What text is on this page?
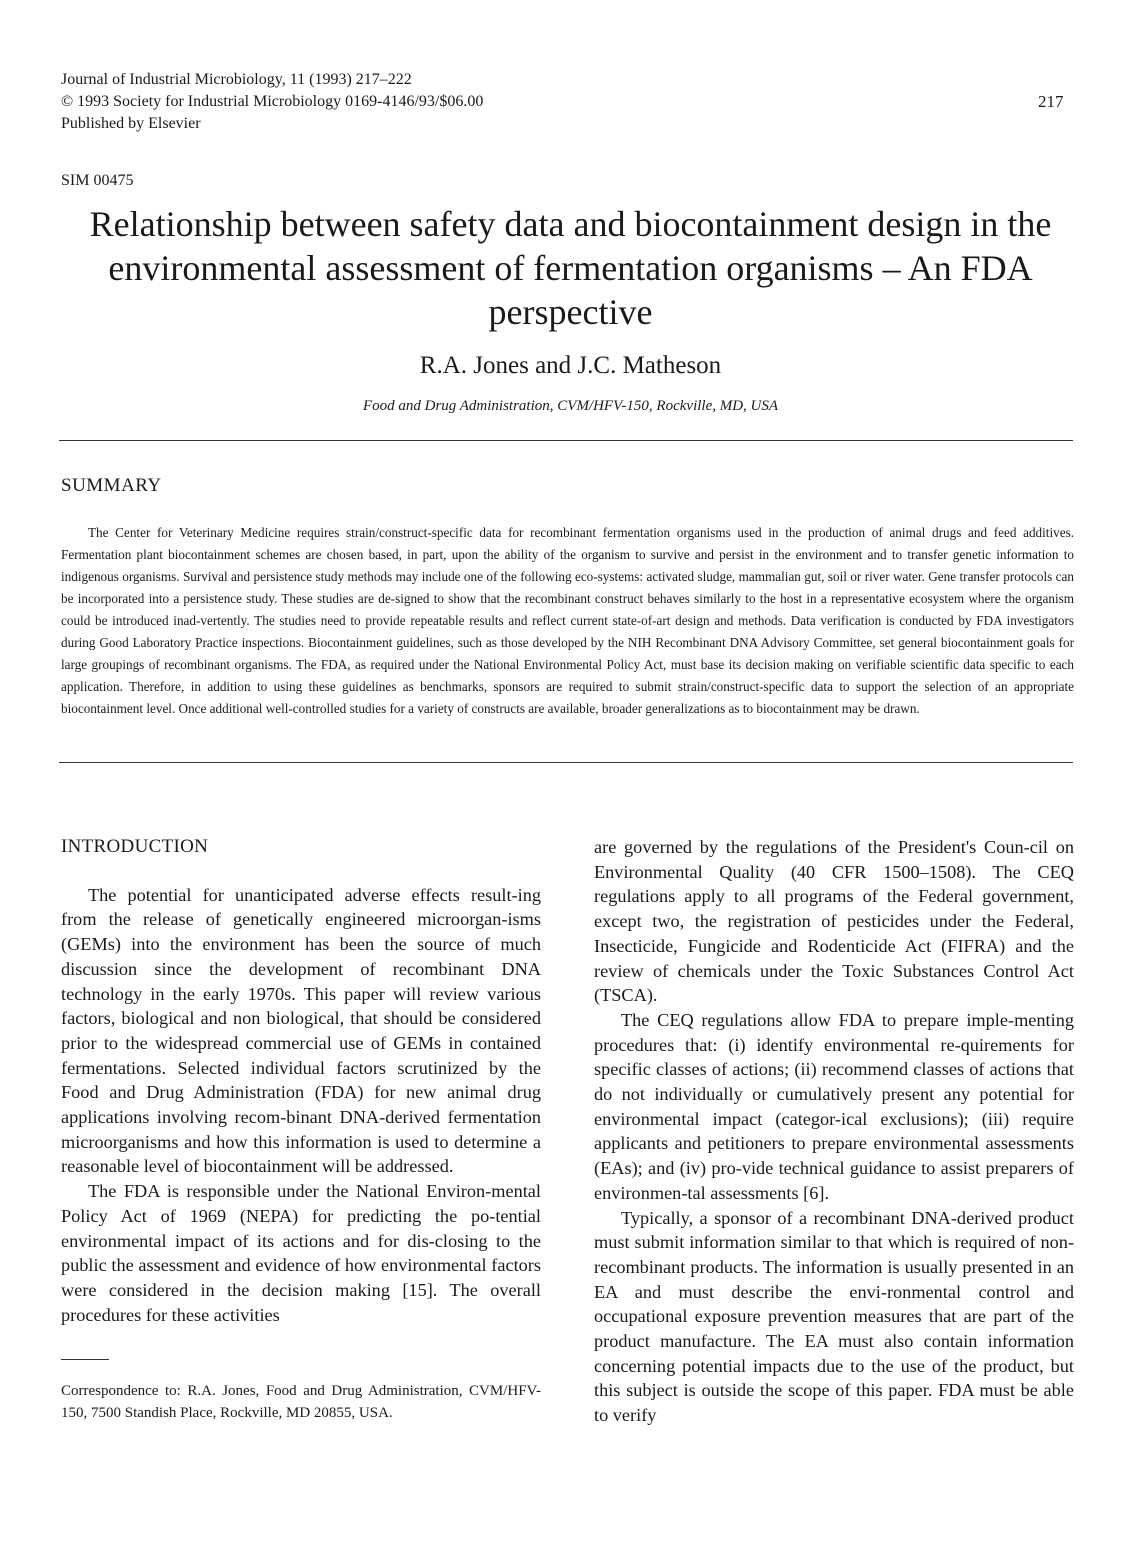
Journal of Industrial Microbiology, 11 (1993) 217–222
© 1993 Society for Industrial Microbiology 0169-4146/93/$06.00
Published by Elsevier
217
SIM 00475
Relationship between safety data and biocontainment design in the environmental assessment of fermentation organisms – An FDA perspective
R.A. Jones and J.C. Matheson
Food and Drug Administration, CVM/HFV-150, Rockville, MD, USA
SUMMARY

The Center for Veterinary Medicine requires strain/construct-specific data for recombinant fermentation organisms used in the production of animal drugs and feed additives. Fermentation plant biocontainment schemes are chosen based, in part, upon the ability of the organism to survive and persist in the environment and to transfer genetic information to indigenous organisms. Survival and persistence study methods may include one of the following eco-systems: activated sludge, mammalian gut, soil or river water. Gene transfer protocols can be incorporated into a persistence study. These studies are de-signed to show that the recombinant construct behaves similarly to the host in a representative ecosystem where the organism could be introduced inad-vertently. The studies need to provide repeatable results and reflect current state-of-art design and methods. Data verification is conducted by FDA investigators during Good Laboratory Practice inspections. Biocontainment guidelines, such as those developed by the NIH Recombinant DNA Advisory Committee, set general biocontainment goals for large groupings of recombinant organisms. The FDA, as required under the National Environmental Policy Act, must base its decision making on verifiable scientific data specific to each application. Therefore, in addition to using these guidelines as benchmarks, sponsors are required to submit strain/construct-specific data to support the selection of an appropriate biocontainment level. Once additional well-controlled studies for a variety of constructs are available, broader generalizations as to biocontainment may be drawn.

INTRODUCTION

The potential for unanticipated adverse effects result-ing from the release of genetically engineered microorgan-isms (GEMs) into the environment has been the source of much discussion since the development of recombinant DNA technology in the early 1970s. This paper will review various factors, biological and non biological, that should be considered prior to the widespread commercial use of GEMs in contained fermentations. Selected individual factors scrutinized by the Food and Drug Administration (FDA) for new animal drug applications involving recom-binant DNA-derived fermentation microorganisms and how this information is used to determine a reasonable level of biocontainment will be addressed.

The FDA is responsible under the National Environ-mental Policy Act of 1969 (NEPA) for predicting the po-tential environmental impact of its actions and for dis-closing to the public the assessment and evidence of how environmental factors were considered in the decision making [15]. The overall procedures for these activities

are governed by the regulations of the President's Coun-cil on Environmental Quality (40 CFR 1500–1508). The CEQ regulations apply to all programs of the Federal government, except two, the registration of pesticides under the Federal, Insecticide, Fungicide and Rodenticide Act (FIFRA) and the review of chemicals under the Toxic Substances Control Act (TSCA).

The CEQ regulations allow FDA to prepare imple-menting procedures that: (i) identify environmental re-quirements for specific classes of actions; (ii) recommend classes of actions that do not individually or cumulatively present any potential for environmental impact (categor-ical exclusions); (iii) require applicants and petitioners to prepare environmental assessments (EAs); and (iv) pro-vide technical guidance to assist preparers of environmen-tal assessments [6].

Typically, a sponsor of a recombinant DNA-derived product must submit information similar to that which is required of non-recombinant products. The information is usually presented in an EA and must describe the envi-ronmental control and occupational exposure prevention measures that are part of the product manufacture. The EA must also contain information concerning potential impacts due to the use of the product, but this subject is outside the scope of this paper. FDA must be able to verify

Correspondence to: R.A. Jones, Food and Drug Administration, CVM/HFV-150, 7500 Standish Place, Rockville, MD 20855, USA.
